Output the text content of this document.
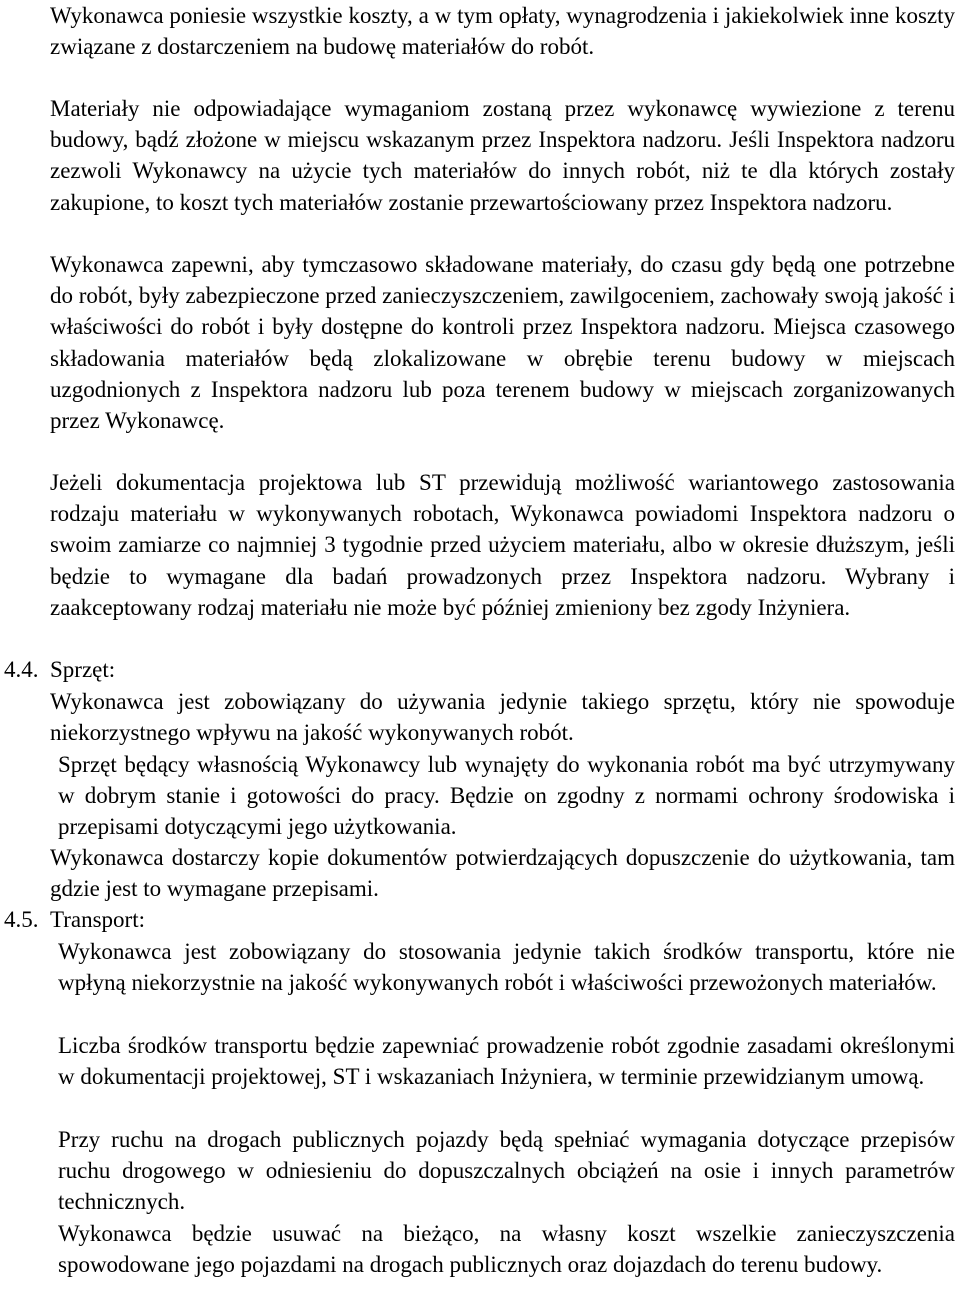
Wykonawca poniesie wszystkie koszty, a w tym opłaty, wynagrodzenia i jakiekolwiek inne koszty związane z dostarczeniem na budowę materiałów do robót.

Materiały nie odpowiadające wymaganiom zostaną przez wykonawcę wywiezione z terenu budowy, bądź złożone w miejscu wskazanym przez Inspektora nadzoru. Jeśli Inspektora nadzoru zezwoli Wykonawcy na użycie tych materiałów do innych robót, niż te dla których zostały zakupione, to koszt tych materiałów zostanie przewartościowany przez Inspektora nadzoru.

Wykonawca zapewni, aby tymczasowo składowane materiały, do czasu gdy będą one potrzebne do robót, były zabezpieczone przed zanieczyszczeniem, zawilgoceniem, zachowały swoją jakość i właściwości do robót i były dostępne do kontroli przez Inspektora nadzoru. Miejsca czasowego składowania materiałów będą zlokalizowane w obrębie terenu budowy w miejscach uzgodnionych z Inspektora nadzoru lub poza terenem budowy w miejscach zorganizowanych przez Wykonawcę.

Jeżeli dokumentacja projektowa lub ST przewidują możliwość wariantowego zastosowania rodzaju materiału w wykonywanych robotach, Wykonawca powiadomi Inspektora nadzoru o swoim zamiarze co najmniej 3 tygodnie przed użyciem materiału, albo w okresie dłuższym, jeśli będzie to wymagane dla badań prowadzonych przez Inspektora nadzoru. Wybrany i zaakceptowany rodzaj materiału nie może być później zmieniony bez zgody Inżyniera.

4.4. Sprzęt:

Wykonawca jest zobowiązany do używania jedynie takiego sprzętu, który nie spowoduje niekorzystnego wpływu na jakość wykonywanych robót.

Sprzęt będący własnością Wykonawcy lub wynajęty do wykonania robót ma być utrzymywany w dobrym stanie i gotowości do pracy. Będzie on zgodny z normami ochrony środowiska i przepisami dotyczącymi jego użytkowania.

Wykonawca dostarczy kopie dokumentów potwierdzających dopuszczenie do użytkowania, tam gdzie jest to wymagane przepisami.

4.5. Transport:

Wykonawca jest zobowiązany do stosowania jedynie takich środków transportu, które nie wpłyną niekorzystnie na jakość wykonywanych robót i właściwości przewożonych materiałów.

Liczba środków transportu będzie zapewniać prowadzenie robót zgodnie zasadami określonymi w dokumentacji projektowej, ST i wskazaniach Inżyniera, w terminie przewidzianym umową.

Przy ruchu na drogach publicznych pojazdy będą spełniać wymagania dotyczące przepisów ruchu drogowego w odniesieniu do dopuszczalnych obciążeń na osie i innych parametrów technicznych.

Wykonawca będzie usuwać na bieżąco, na własny koszt wszelkie zanieczyszczenia spowodowane jego pojazdami na drogach publicznych oraz dojazdach do terenu budowy.
